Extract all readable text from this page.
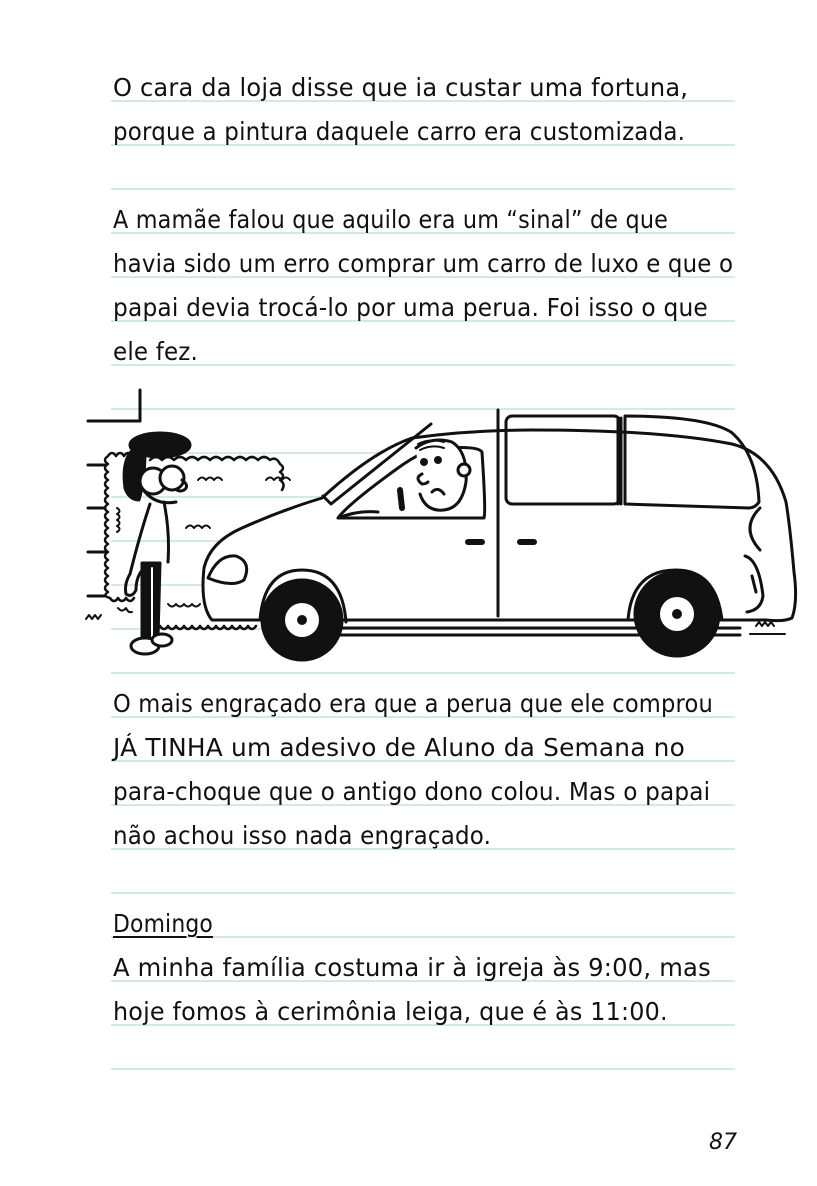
O cara da loja disse que ia custar uma fortuna,
porque a pintura daquele carro era customizada.
A mamãe falou que aquilo era um “sinal” de que
havia sido um erro comprar um carro de luxo e que o
papai devia trocá-lo por uma perua. Foi isso o que
ele fez.
O mais engraçado era que a perua que ele comprou
JÁ TINHA um adesivo de Aluno da Semana no
para-choque que o antigo dono colou. Mas o papai
não achou isso nada engraçado.
Domingo
A minha família costuma ir à igreja às 9:00, mas
hoje fomos à cerimônia leiga, que é às 11:00.
87
